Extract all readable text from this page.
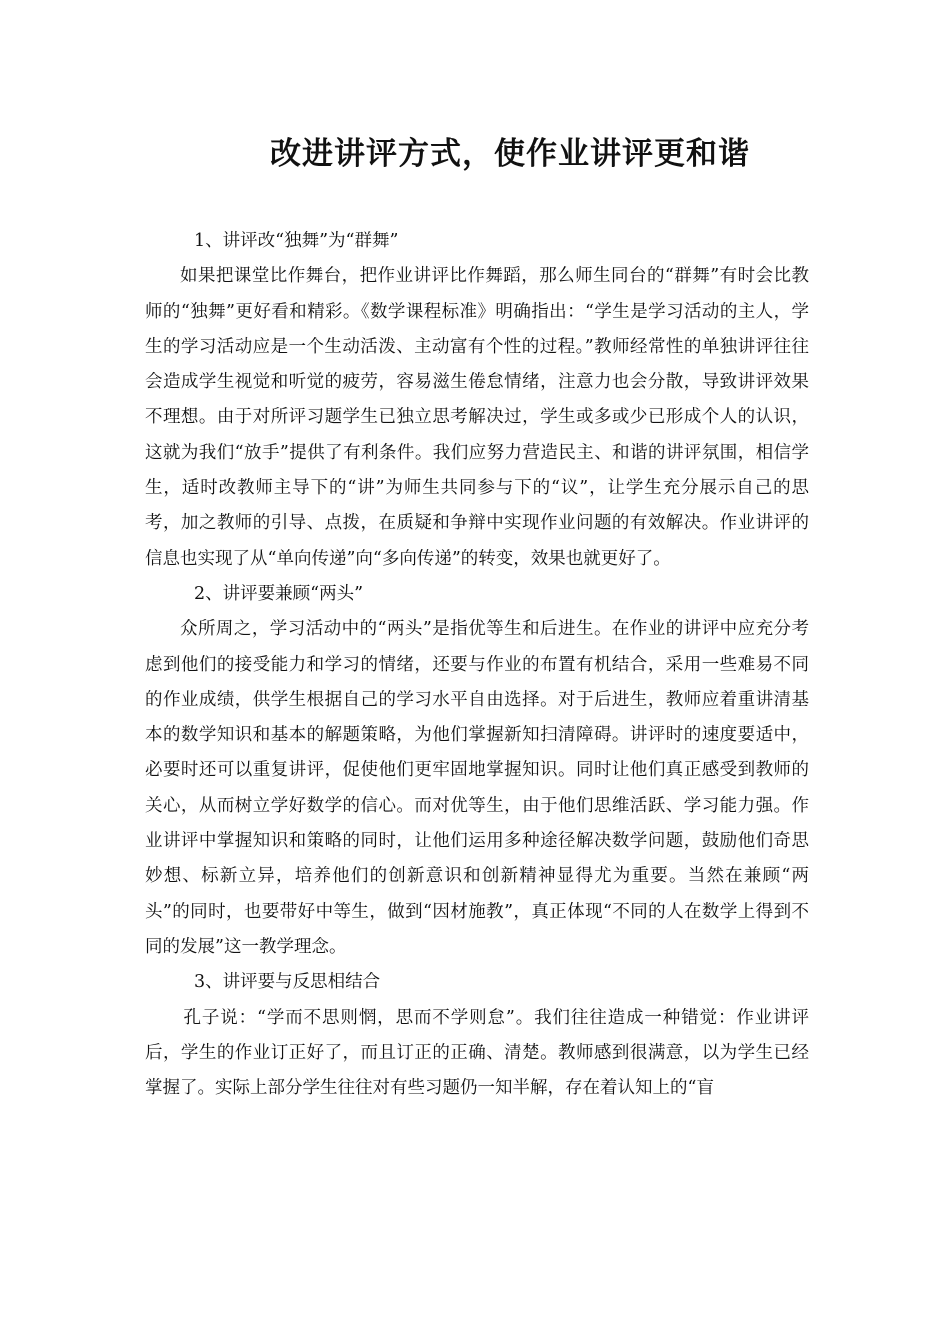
改进讲评方式，使作业讲评更和谐

1、讲评改“独舞”为“群舞”

如果把课堂比作舞台，把作业讲评比作舞蹈，那么师生同台的“群舞”有时会比教师的“独舞”更好看和精彩。《数学课程标准》明确指出：“学生是学习活动的主人，学生的学习活动应是一个生动活泼、主动富有个性的过程。”教师经常性的单独讲评往往会造成学生视觉和听觉的疲劳，容易滋生倦怠情绪，注意力也会分散，导致讲评效果不理想。由于对所评习题学生已独立思考解决过，学生或多或少已形成个人的认识，这就为我们“放手”提供了有利条件。我们应努力营造民主、和谐的讲评氛围，相信学生，适时改教师主导下的“讲”为师生共同参与下的“议”，让学生充分展示自己的思考，加之教师的引导、点拨，在质疑和争辩中实现作业问题的有效解决。作业讲评的信息也实现了从“单向传递”向“多向传递”的转变，效果也就更好了。

2、讲评要兼顾“两头”

众所周之，学习活动中的“两头”是指优等生和后进生。在作业的讲评中应充分考虑到他们的接受能力和学习的情绪，还要与作业的布置有机结合，采用一些难易不同的作业成绩，供学生根据自己的学习水平自由选择。对于后进生，教师应着重讲清基本的数学知识和基本的解题策略，为他们掌握新知扫清障碍。讲评时的速度要适中，必要时还可以重复讲评，促使他们更牢固地掌握知识。同时让他们真正感受到教师的关心，从而树立学好数学的信心。而对优等生，由于他们思维活跃、学习能力强。作业讲评中掌握知识和策略的同时，让他们运用多种途径解决数学问题，鼓励他们奇思妙想、标新立异，培养他们的创新意识和创新精神显得尤为重要。当然在兼顾“两头”的同时，也要带好中等生，做到“因材施教”，真正体现“不同的人在数学上得到不同的发展”这一教学理念。

3、讲评要与反思相结合

孔子说：“学而不思则惘，思而不学则怠”。我们往往造成一种错觉：作业讲评后，学生的作业订正好了，而且订正的正确、清楚。教师感到很满意，以为学生已经掌握了。实际上部分学生往往对有些习题仍一知半解，存在着认知上的“盲
